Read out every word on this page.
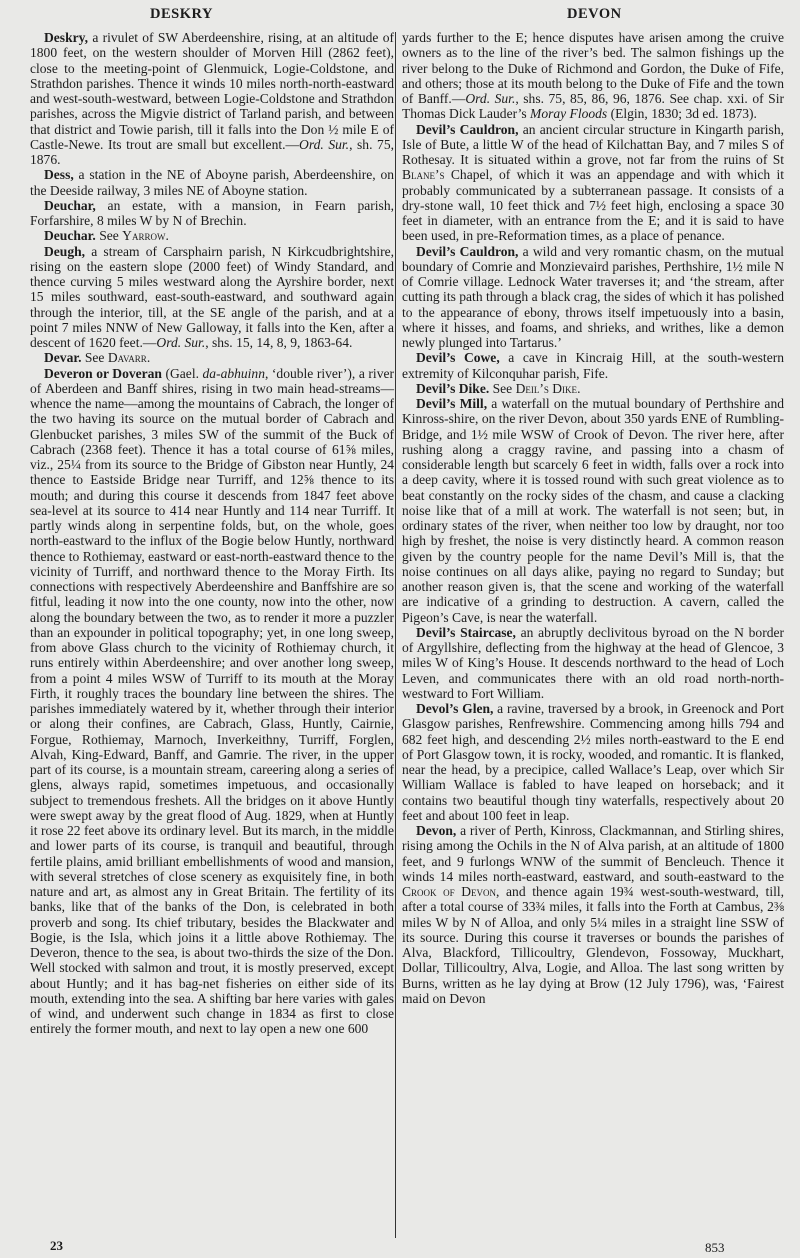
DESKRY	DEVON

Deskry, a rivulet of SW Aberdeenshire, rising, at an altitude of 1800 feet, on the western shoulder of Morven Hill (2862 feet), close to the meeting-point of Glenmuick, Logie-Coldstone, and Strathdon parishes. Thence it winds 10 miles north-north-eastward and west-south-westward, between Logie-Coldstone and Strathdon parishes, across the Migvie district of Tarland parish, and between that district and Towie parish, till it falls into the Don ½ mile E of Castle-Newe. Its trout are small but excellent.—Ord. Sur., sh. 75, 1876.

Dess, a station in the NE of Aboyne parish, Aberdeenshire, on the Deeside railway, 3 miles NE of Aboyne station.

Deuchar, an estate, with a mansion, in Fearn parish, Forfarshire, 8 miles W by N of Brechin.

Deuchar. See Yarrow.

Deugh, a stream of Carsphairn parish, N Kirkcudbrightshire, rising on the eastern slope (2000 feet) of Windy Standard, and thence curving 5 miles westward along the Ayrshire border, next 15 miles southward, east-south-eastward, and southward again through the interior, till, at the SE angle of the parish, and at a point 7 miles NNW of New Galloway, it falls into the Ken, after a descent of 1620 feet.—Ord. Sur., shs. 15, 14, 8, 9, 1863-64.

Devar. See Davarr.

Deveron or Doveran (Gael. da-abhuinn, ‘double river’), a river of Aberdeen and Banff shires, rising in two main head-streams—whence the name—among the mountains of Cabrach, the longer of the two having its source on the mutual border of Cabrach and Glenbucket parishes, 3 miles SW of the summit of the Buck of Cabrach (2368 feet). Thence it has a total course of 61⅝ miles, viz., 25¼ from its source to the Bridge of Gibston near Huntly, 24 thence to Eastside Bridge near Turriff, and 12⅝ thence to its mouth; and during this course it descends from 1847 feet above sea-level at its source to 414 near Huntly and 114 near Turriff. It partly winds along in serpentine folds, but, on the whole, goes north-eastward to the influx of the Bogie below Huntly, northward thence to Rothiemay, eastward or east-north-eastward thence to the vicinity of Turriff, and northward thence to the Moray Firth. Its connections with respectively Aberdeenshire and Banffshire are so fitful, leading it now into the one county, now into the other, now along the boundary between the two, as to render it more a puzzler than an expounder in political topography; yet, in one long sweep, from above Glass church to the vicinity of Rothiemay church, it runs entirely within Aberdeenshire; and over another long sweep, from a point 4 miles WSW of Turriff to its mouth at the Moray Firth, it roughly traces the boundary line between the shires. The parishes immediately watered by it, whether through their interior or along their confines, are Cabrach, Glass, Huntly, Cairnie, Forgue, Rothiemay, Marnoch, Inverkeithny, Turriff, Forglen, Alvah, King-Edward, Banff, and Gamrie. The river, in the upper part of its course, is a mountain stream, careering along a series of glens, always rapid, sometimes impetuous, and occasionally subject to tremendous freshets. All the bridges on it above Huntly were swept away by the great flood of Aug. 1829, when at Huntly it rose 22 feet above its ordinary level. But its march, in the middle and lower parts of its course, is tranquil and beautiful, through fertile plains, amid brilliant embellishments of wood and mansion, with several stretches of close scenery as exquisitely fine, in both nature and art, as almost any in Great Britain. The fertility of its banks, like that of the banks of the Don, is celebrated in both proverb and song. Its chief tributary, besides the Blackwater and Bogie, is the Isla, which joins it a little above Rothiemay. The Deveron, thence to the sea, is about two-thirds the size of the Don. Well stocked with salmon and trout, it is mostly preserved, except about Huntly; and it has bag-net fisheries on either side of its mouth, extending into the sea. A shifting bar here varies with gales of wind, and underwent such change in 1834 as first to close entirely the former mouth, and next to lay open a new one 600

yards further to the E; hence disputes have arisen among the cruive owners as to the line of the river’s bed. The salmon fishings up the river belong to the Duke of Richmond and Gordon, the Duke of Fife, and others; those at its mouth belong to the Duke of Fife and the town of Banff.—Ord. Sur., shs. 75, 85, 86, 96, 1876. See chap. xxi. of Sir Thomas Dick Lauder’s Moray Floods (Elgin, 1830; 3d ed. 1873).

Devil’s Cauldron, an ancient circular structure in Kingarth parish, Isle of Bute, a little W of the head of Kilchattan Bay, and 7 miles S of Rothesay. It is situated within a grove, not far from the ruins of St Blane’s Chapel, of which it was an appendage and with which it probably communicated by a subterranean passage. It consists of a dry-stone wall, 10 feet thick and 7½ feet high, enclosing a space 30 feet in diameter, with an entrance from the E; and it is said to have been used, in pre-Reformation times, as a place of penance.

Devil’s Cauldron, a wild and very romantic chasm, on the mutual boundary of Comrie and Monzievaird parishes, Perthshire, 1½ mile N of Comrie village. Lednock Water traverses it; and ‘the stream, after cutting its path through a black crag, the sides of which it has polished to the appearance of ebony, throws itself impetuously into a basin, where it hisses, and foams, and shrieks, and writhes, like a demon newly plunged into Tartarus.’

Devil’s Cowe, a cave in Kincraig Hill, at the south-western extremity of Kilconquhar parish, Fife.

Devil’s Dike. See Deil’s Dike.

Devil’s Mill, a waterfall on the mutual boundary of Perthshire and Kinross-shire, on the river Devon, about 350 yards ENE of Rumbling-Bridge, and 1½ mile WSW of Crook of Devon. The river here, after rushing along a craggy ravine, and passing into a chasm of considerable length but scarcely 6 feet in width, falls over a rock into a deep cavity, where it is tossed round with such great violence as to beat constantly on the rocky sides of the chasm, and cause a clacking noise like that of a mill at work. The waterfall is not seen; but, in ordinary states of the river, when neither too low by draught, nor too high by freshet, the noise is very distinctly heard. A common reason given by the country people for the name Devil’s Mill is, that the noise continues on all days alike, paying no regard to Sunday; but another reason given is, that the scene and working of the waterfall are indicative of a grinding to destruction. A cavern, called the Pigeon’s Cave, is near the waterfall.

Devil’s Staircase, an abruptly declivitous byroad on the N border of Argyllshire, deflecting from the highway at the head of Glencoe, 3 miles W of King’s House. It descends northward to the head of Loch Leven, and communicates there with an old road north-north-westward to Fort William.

Devol’s Glen, a ravine, traversed by a brook, in Greenock and Port Glasgow parishes, Renfrewshire. Commencing among hills 794 and 682 feet high, and descending 2½ miles north-eastward to the E end of Port Glasgow town, it is rocky, wooded, and romantic. It is flanked, near the head, by a precipice, called Wallace’s Leap, over which Sir William Wallace is fabled to have leaped on horseback; and it contains two beautiful though tiny waterfalls, respectively about 20 feet and about 100 feet in leap.

Devon, a river of Perth, Kinross, Clackmannan, and Stirling shires, rising among the Ochils in the N of Alva parish, at an altitude of 1800 feet, and 9 furlongs WNW of the summit of Bencleuch. Thence it winds 14 miles north-eastward, eastward, and south-eastward to the Crook of Devon, and thence again 19¾ west-south-westward, till, after a total course of 33¾ miles, it falls into the Forth at Cambus, 2⅜ miles W by N of Alloa, and only 5¼ miles in a straight line SSW of its source. During this course it traverses or bounds the parishes of Alva, Blackford, Tillicoultry, Glendevon, Fossoway, Muckhart, Dollar, Tillicoultry, Alva, Logie, and Alloa. The last song written by Burns, written as he lay dying at Brow (12 July 1796), was, ‘Fairest maid on Devon

23	853
